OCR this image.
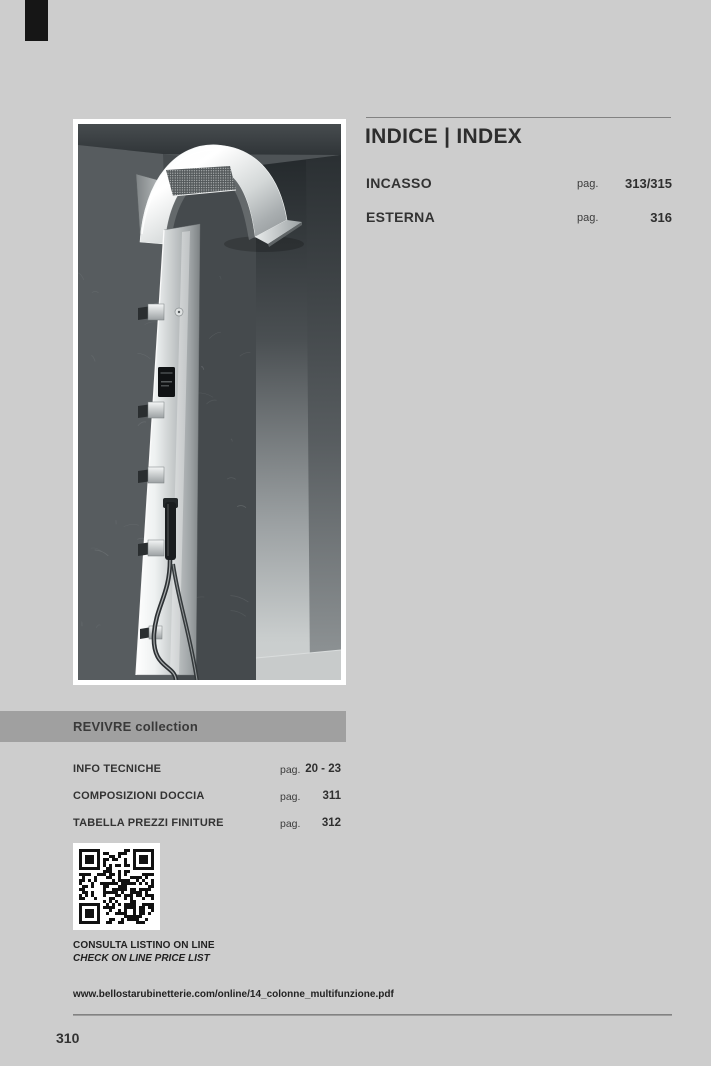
INDICE | INDEX
INCASSO	pag.	313/315
ESTERNA	pag.	316
REVIVRE collection
INFO TECNICHE	pag. 20 - 23
COMPOSIZIONI DOCCIA	pag.	311
TABELLA PREZZI FINITURE	pag.	312
CONSULTA LISTINO ON LINE
CHECK ON LINE PRICE LIST
www.bellostarubinetterie.com/online/14_colonne_multifunzione.pdf
310
